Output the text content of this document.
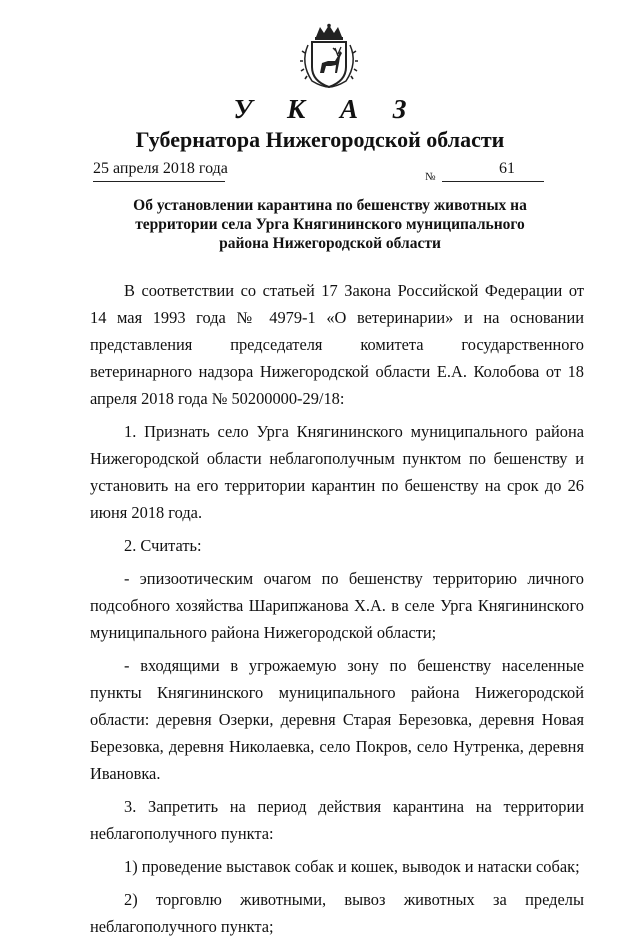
У К А З
Губернатора Нижегородской области
25 апреля 2018 года	№	61
Об установлении карантина по бешенству животных на территории села Урга Княгининского муниципального района Нижегородской области
В соответствии со статьей 17 Закона Российской Федерации от 14 мая 1993 года № 4979-1 «О ветеринарии» и на основании представления председателя комитета государственного ветеринарного надзора Нижегородской области Е.А. Колобова от 18 апреля 2018 года № 50200000-29/18:
1. Признать село Урга Княгининского муниципального района Нижегородской области неблагополучным пунктом по бешенству и установить на его территории карантин по бешенству на срок до 26 июня 2018 года.
2. Считать:
- эпизоотическим очагом по бешенству территорию личного подсобного хозяйства Шарипжанова Х.А. в селе Урга Княгининского муниципального района Нижегородской области;
- входящими в угрожаемую зону по бешенству населенные пункты Княгининского муниципального района Нижегородской области: деревня Озерки, деревня Старая Березовка, деревня Новая Березовка, деревня Николаевка, село Покров, село Нутренка, деревня Ивановка.
3. Запретить на период действия карантина на территории неблагополучного пункта:
1) проведение выставок собак и кошек, выводок и натаски собак;
2) торговлю животными, вывоз животных за пределы неблагополучного пункта;
